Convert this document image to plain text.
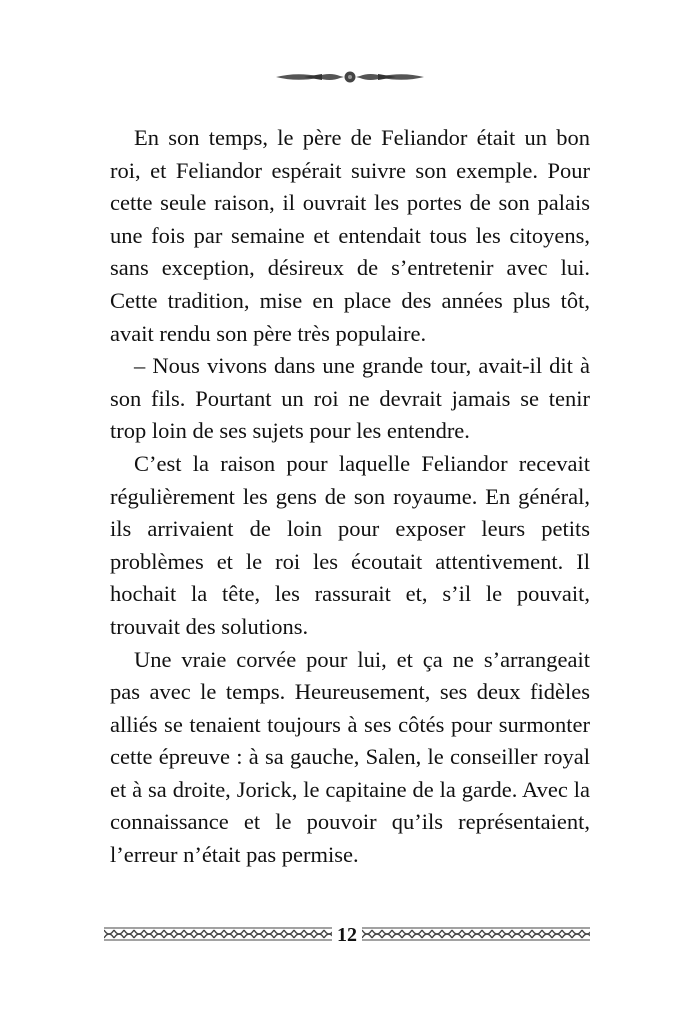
En son temps, le père de Feliandor était un bon roi, et Feliandor espérait suivre son exemple. Pour cette seule raison, il ouvrait les portes de son palais une fois par semaine et entendait tous les citoyens, sans exception, désireux de s’entretenir avec lui. Cette tradition, mise en place des années plus tôt, avait rendu son père très populaire.

– Nous vivons dans une grande tour, avait-il dit à son fils. Pourtant un roi ne devrait jamais se tenir trop loin de ses sujets pour les entendre.

C’est la raison pour laquelle Feliandor recevait régulièrement les gens de son royaume. En général, ils arrivaient de loin pour exposer leurs petits problèmes et le roi les écoutait attentivement. Il hochait la tête, les rassurait et, s’il le pouvait, trouvait des solutions.

Une vraie corvée pour lui, et ça ne s’arrangeait pas avec le temps. Heureusement, ses deux fidèles alliés se tenaient toujours à ses côtés pour surmonter cette épreuve : à sa gauche, Salen, le conseiller royal et à sa droite, Jorick, le capitaine de la garde. Avec la connaissance et le pouvoir qu’ils représentaient, l’erreur n’était pas permise.

12
